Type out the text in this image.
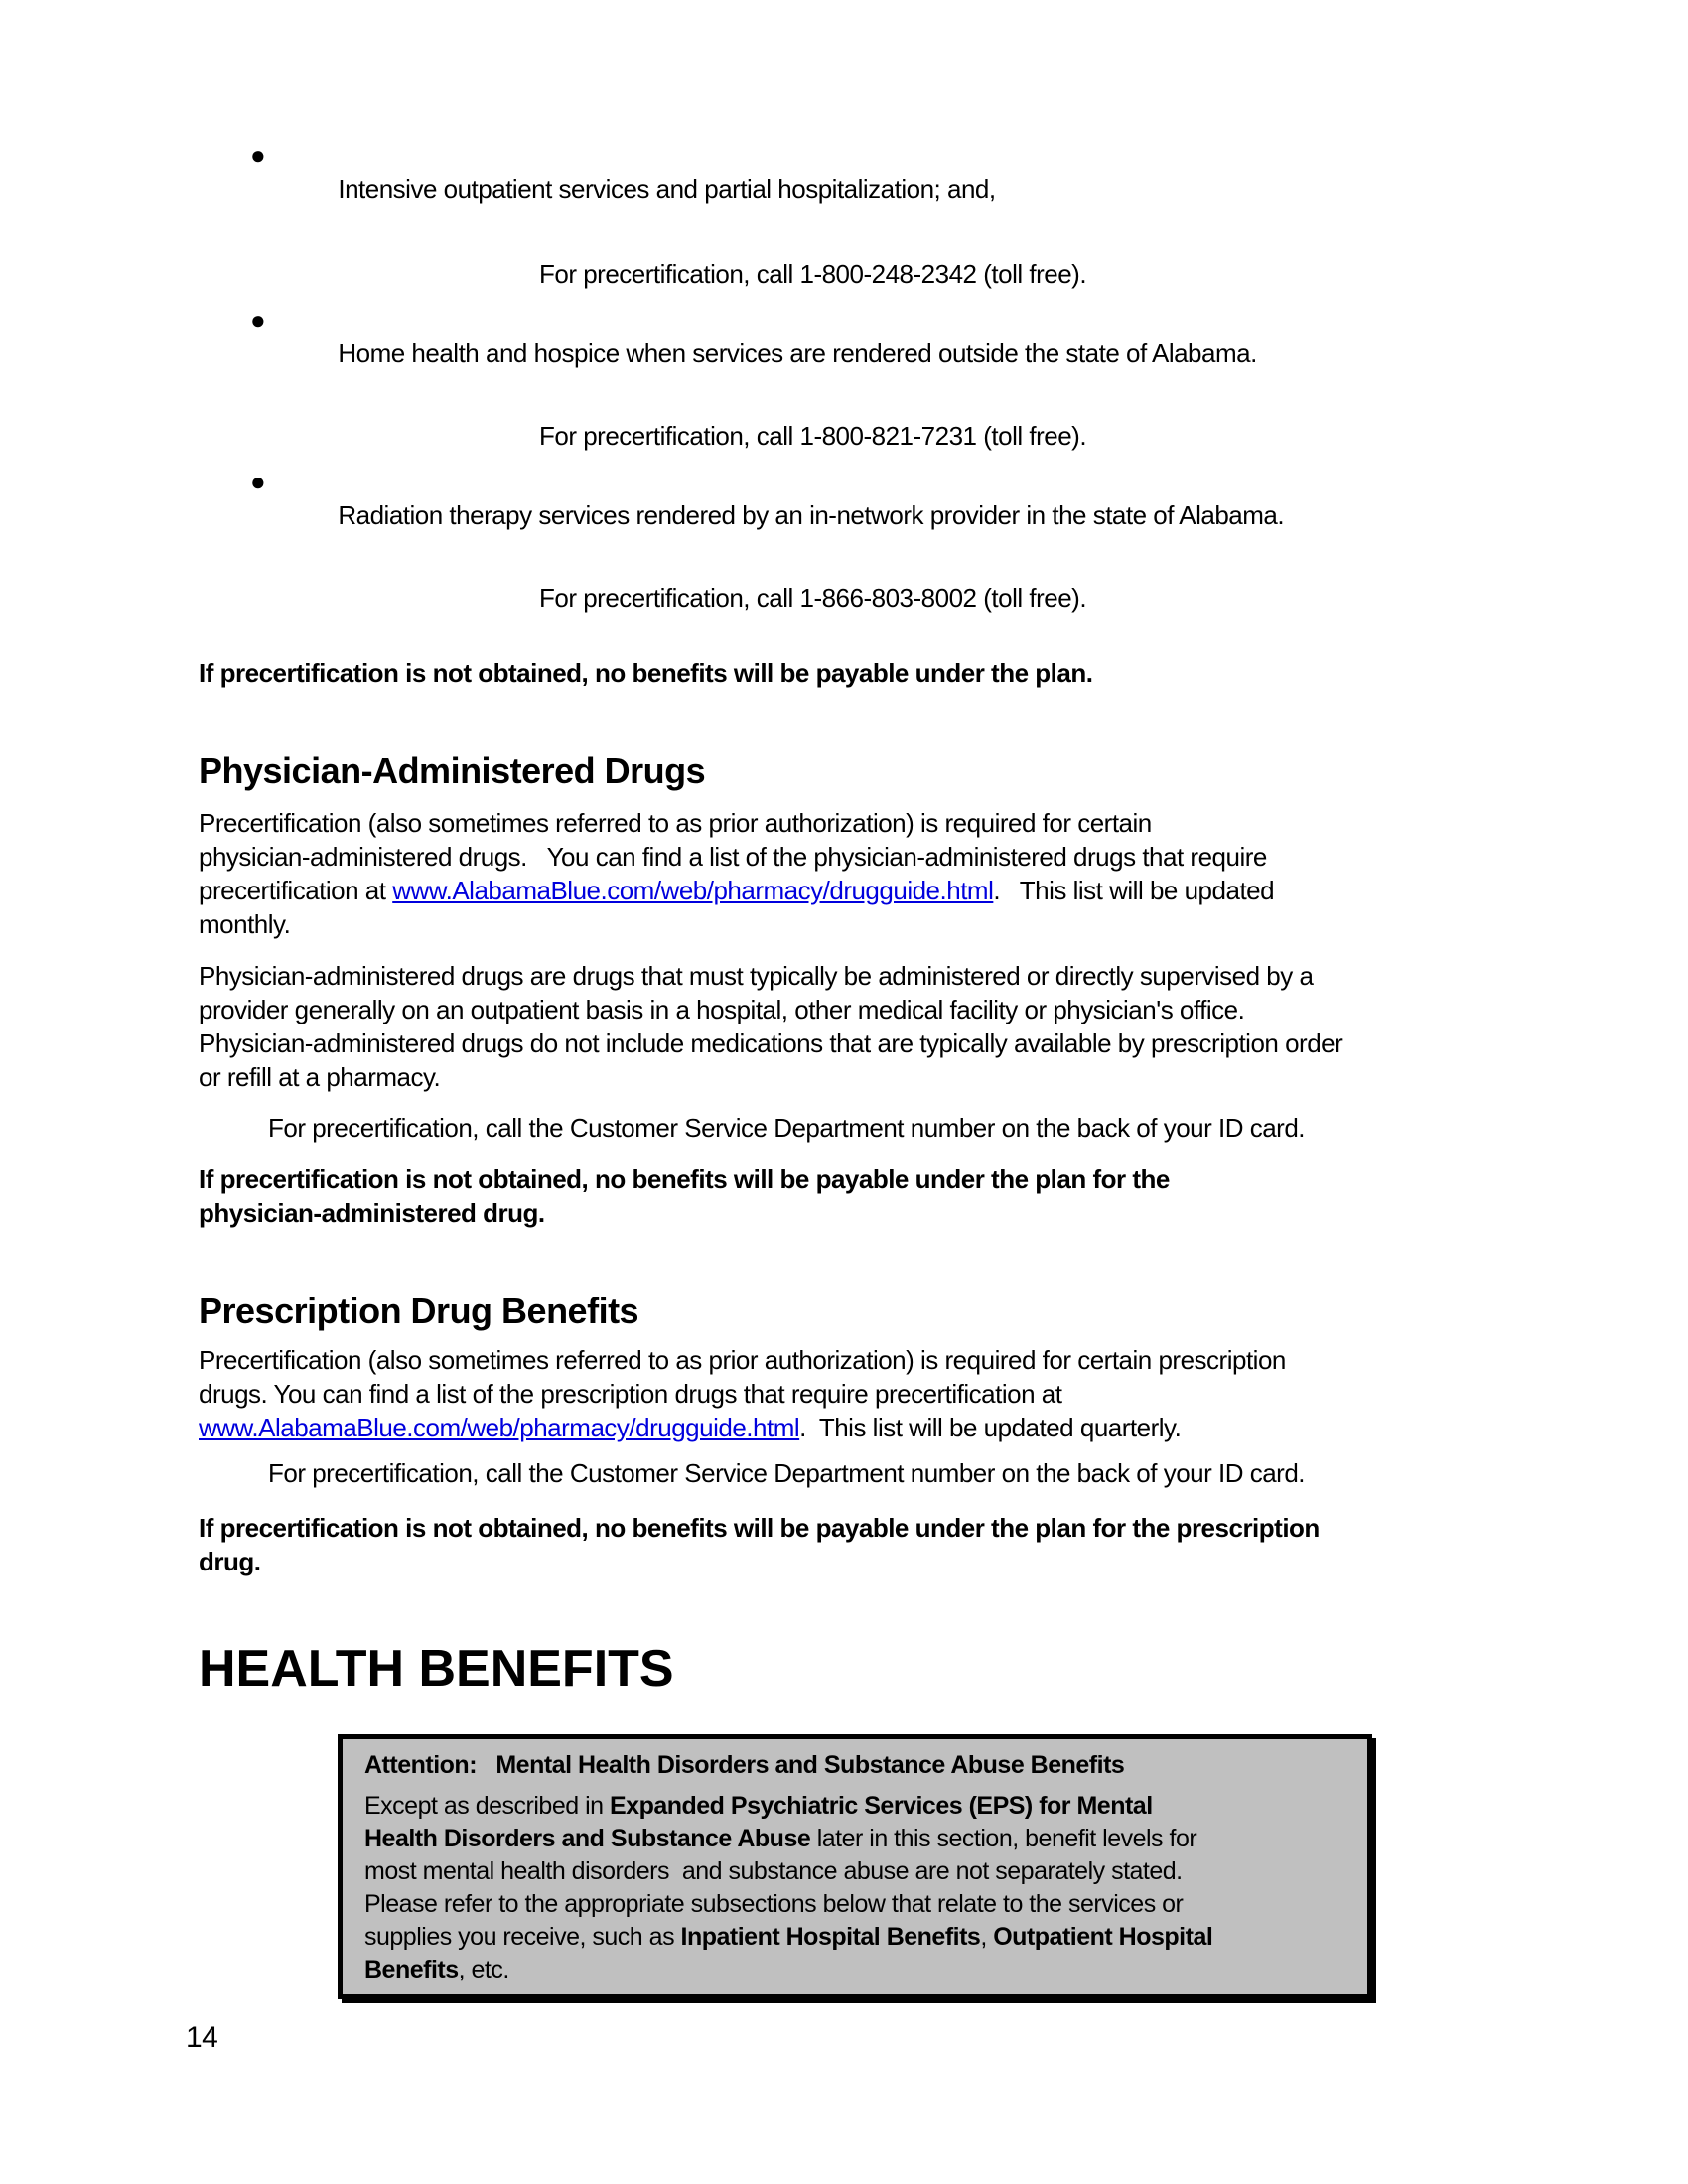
●
Intensive outpatient services and partial hospitalization; and,

For precertification, call 1-800-248-2342 (toll free).

●
Home health and hospice when services are rendered outside the state of Alabama.

For precertification, call 1-800-821-7231 (toll free).

●
Radiation therapy services rendered by an in-network provider in the state of Alabama.

For precertification, call 1-866-803-8002 (toll free).
If precertification is not obtained, no benefits will be payable under the plan.
Physician-Administered Drugs
Precertification (also sometimes referred to as prior authorization) is required for certain
physician-administered drugs.   You can find a list of the physician-administered drugs that require
precertification at www.AlabamaBlue.com/web/pharmacy/drugguide.html.   This list will be updated
monthly.
Physician-administered drugs are drugs that must typically be administered or directly supervised by a
provider generally on an outpatient basis in a hospital, other medical facility or physician's office.
Physician-administered drugs do not include medications that are typically available by prescription order
or refill at a pharmacy.
For precertification, call the Customer Service Department number on the back of your ID card.
If precertification is not obtained, no benefits will be payable under the plan for the
physician-administered drug.
Prescription Drug Benefits
Precertification (also sometimes referred to as prior authorization) is required for certain prescription
drugs. You can find a list of the prescription drugs that require precertification at
www.AlabamaBlue.com/web/pharmacy/drugguide.html.  This list will be updated quarterly.
For precertification, call the Customer Service Department number on the back of your ID card.
If precertification is not obtained, no benefits will be payable under the plan for the prescription
drug.
HEALTH BENEFITS
Attention:   Mental Health Disorders and Substance Abuse Benefits
Except as described in Expanded Psychiatric Services (EPS) for Mental
Health Disorders and Substance Abuse later in this section, benefit levels for
most mental health disorders  and substance abuse are not separately stated.
Please refer to the appropriate subsections below that relate to the services or
supplies you receive, such as Inpatient Hospital Benefits, Outpatient Hospital
Benefits, etc.
14
